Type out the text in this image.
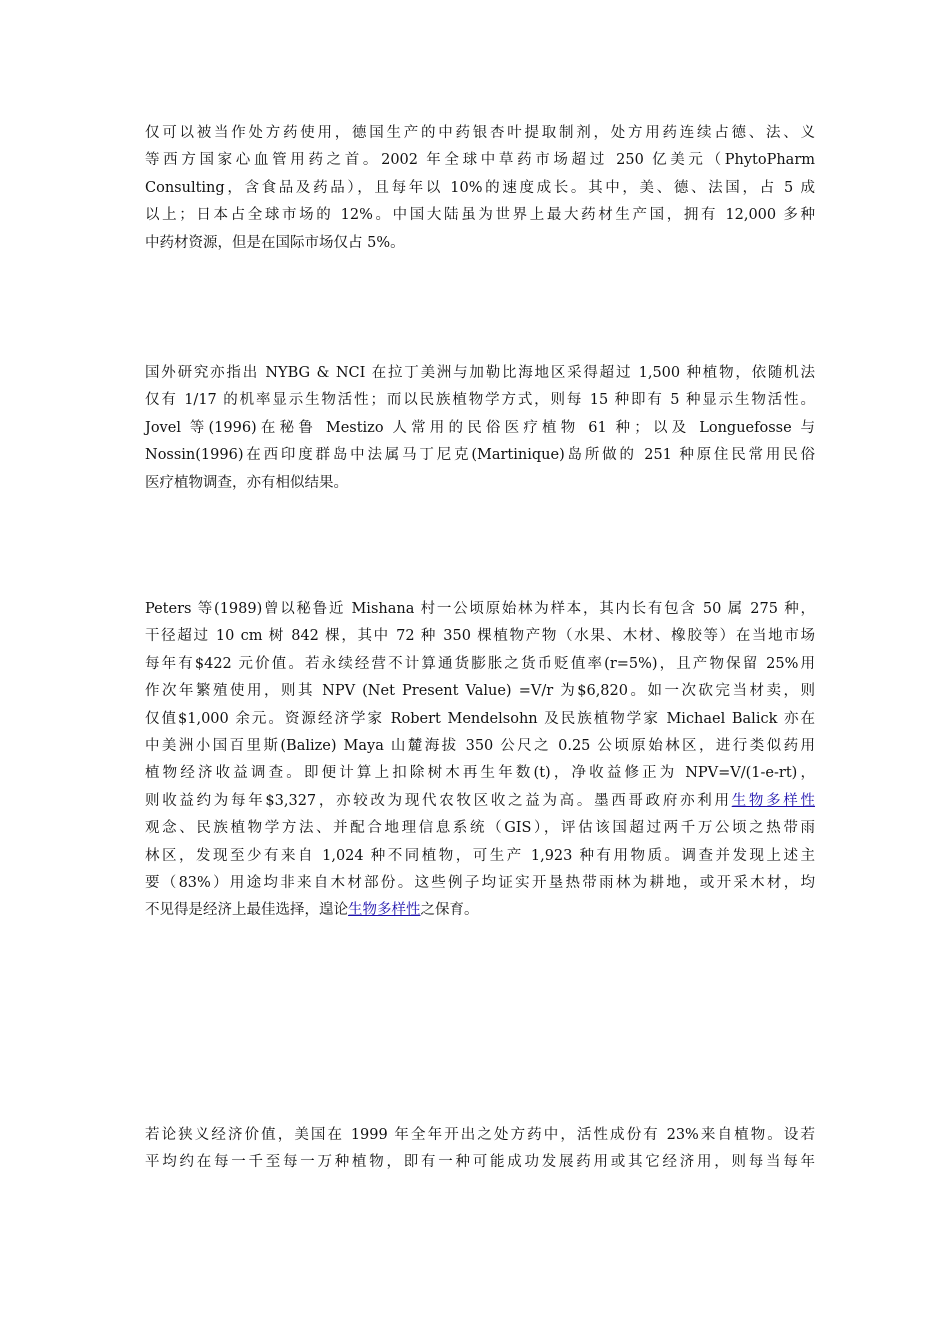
仅可以被当作处方药使用，德国生产的中药银杏叶提取制剂，处方用药连续占德、法、义
等西方国家心血管用药之首。2002 年全球中草药市场超过 250 亿美元（PhytoPharm
Consulting，含食品及药品），且每年以 10%的速度成长。其中，美、德、法国，占 5 成
以上；日本占全球市场的 12%。中国大陆虽为世界上最大药材生产国，拥有 12,000 多种
中药材资源，但是在国际市场仅占 5%。

国外研究亦指出 NYBG & NCI 在拉丁美洲与加勒比海地区采得超过 1,500 种植物，依随机法
仅有 1/17 的机率显示生物活性；而以民族植物学方式，则每 15 种即有 5 种显示生物活性。
Jovel 等(1996)在秘鲁 Mestizo 人常用的民俗医疗植物 61 种；以及 Longuefosse 与
Nossin(1996)在西印度群岛中法属马丁尼克(Martinique)岛所做的 251 种原住民常用民俗
医疗植物调查，亦有相似结果。

Peters 等(1989)曾以秘鲁近 Mishana 村一公顷原始林为样本，其内长有包含 50 属 275 种，
干径超过 10 cm 树 842 棵，其中 72 种 350 棵植物产物（水果、木材、橡胶等）在当地市场
每年有$422 元价值。若永续经营不计算通货膨胀之货币贬值率(r=5%)，且产物保留 25%用
作次年繁殖使用，则其 NPV (Net Present Value) =V/r 为$6,820。如一次砍完当材卖，则
仅值$1,000 余元。资源经济学家 Robert Mendelsohn 及民族植物学家 Michael Balick 亦在
中美洲小国百里斯(Balize) Maya 山麓海拔 350 公尺之 0.25 公顷原始林区，进行类似药用
植物经济收益调查。即便计算上扣除树木再生年数(t)，净收益修正为 NPV=V/(1-e-rt)，
则收益约为每年$3,327，亦较改为现代农牧区收之益为高。墨西哥政府亦利用生物多样性
观念、民族植物学方法、并配合地理信息系统（GIS），评估该国超过两千万公顷之热带雨
林区，发现至少有来自 1,024 种不同植物，可生产 1,923 种有用物质。调查并发现上述主
要（83%）用途均非来自木材部份。这些例子均证实开垦热带雨林为耕地，或开采木材，均
不见得是经济上最佳选择，遑论生物多样性之保育。

若论狭义经济价值，美国在 1999 年全年开出之处方药中，活性成份有 23%来自植物。设若
平均约在每一千至每一万种植物，即有一种可能成功发展药用或其它经济用，则每当每年
